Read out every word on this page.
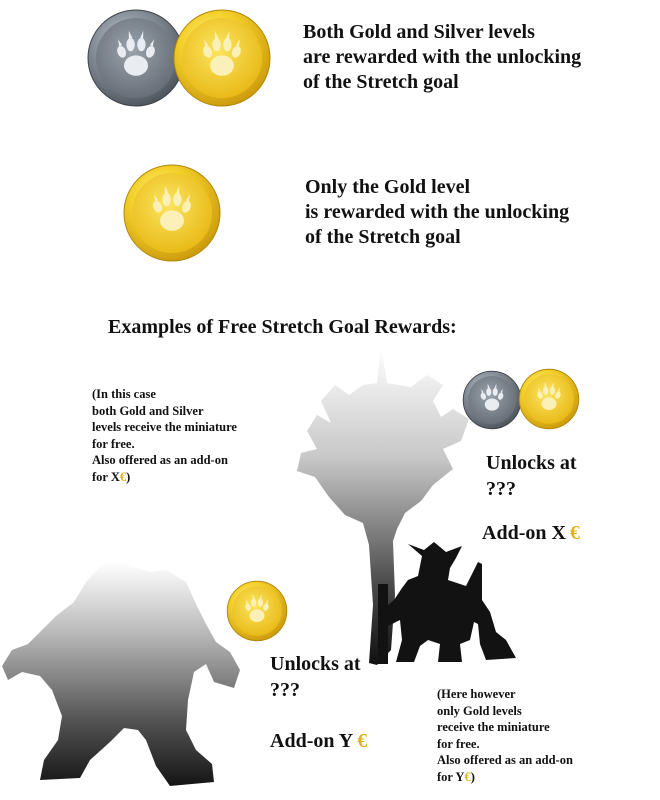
Both Gold and Silver levels
are rewarded with the unlocking
of the Stretch goal
Only the Gold level
is rewarded with the unlocking
of the Stretch goal
Examples of Free Stretch Goal Rewards:
(In this case
both Gold and Silver
levels receive the miniature
for free.
Also offered as an add-on
for X€)
Unlocks at
???
Add-on X €
Unlocks at
???
Add-on Y €
(Here however
only Gold levels
receive the miniature
for free.
Also offered as an add-on
for Y€)
